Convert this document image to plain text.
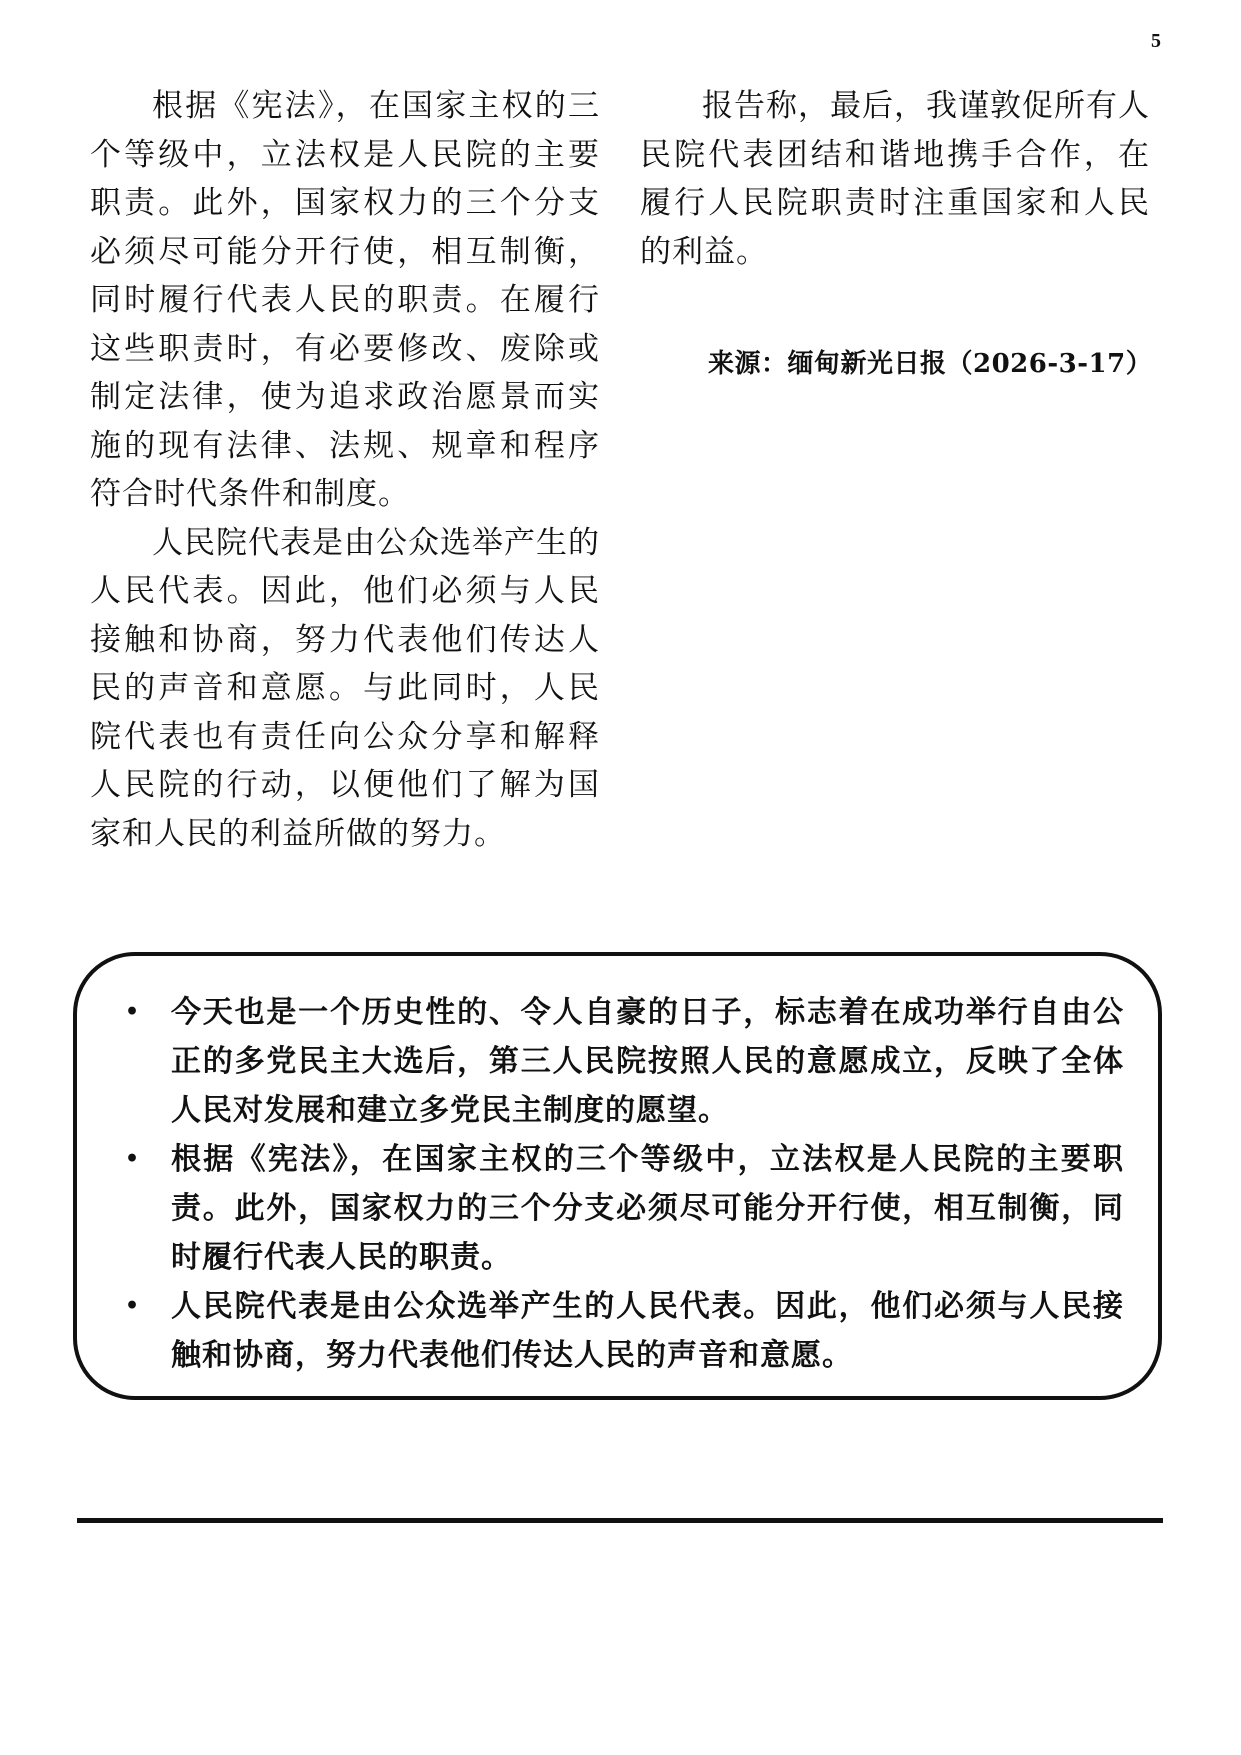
5

根据《宪法》，在国家主权的三个等级中，立法权是人民院的主要职责。此外，国家权力的三个分支必须尽可能分开行使，相互制衡，同时履行代表人民的职责。在履行这些职责时，有必要修改、废除或制定法律，使为追求政治愿景而实施的现有法律、法规、规章和程序符合时代条件和制度。

人民院代表是由公众选举产生的人民代表。因此，他们必须与人民接触和协商，努力代表他们传达人民的声音和意愿。与此同时，人民院代表也有责任向公众分享和解释人民院的行动，以便他们了解为国家和人民的利益所做的努力。

报告称，最后，我谨敦促所有人民院代表团结和谐地携手合作，在履行人民院职责时注重国家和人民的利益。

来源：缅甸新光日报（2026-3-17）
• 今天也是一个历史性的、令人自豪的日子，标志着在成功举行自由公正的多党民主大选后，第三人民院按照人民的意愿成立，反映了全体人民对发展和建立多党民主制度的愿望。
• 根据《宪法》，在国家主权的三个等级中，立法权是人民院的主要职责。此外，国家权力的三个分支必须尽可能分开行使，相互制衡，同时履行代表人民的职责。
• 人民院代表是由公众选举产生的人民代表。因此，他们必须与人民接触和协商，努力代表他们传达人民的声音和意愿。
